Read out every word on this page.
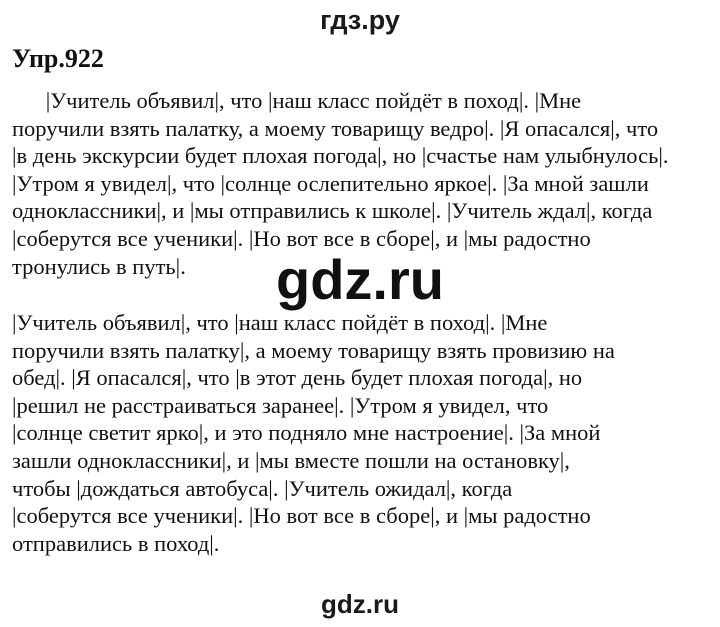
гдз.ру
Упр.922
|Учитель объявил|, что |наш класс пойдёт в поход|. |Мне
поручили взять палатку, а моему товарищу ведро|. |Я опасался|, что
|в день экскурсии будет плохая погода|, но |счастье нам улыбнулось|.
|Утром я увидел|, что |солнце ослепительно яркое|. |За мной зашли
одноклассники|, и |мы отправились к школе|. |Учитель ждал|, когда
|соберутся все ученики|. |Но вот все в сборе|, и |мы радостно
тронулись в путь|.	gdz.ru
|Учитель объявил|, что |наш класс пойдёт в поход|. |Мне
поручили взять палатку|, а моему товарищу взять провизию на
обед|. |Я опасался|, что |в этот день будет плохая погода|, но
|решил не расстраиваться заранее|. |Утром я увидел, что
|солнце светит ярко|, и это подняло мне настроение|. |За мной
зашли одноклассники|, и |мы вместе пошли на остановку|,
чтобы |дождаться автобуса|. |Учитель ожидал|, когда
|соберутся все ученики|. |Но вот все в сборе|, и |мы радостно
отправились в поход|.
gdz.ru
